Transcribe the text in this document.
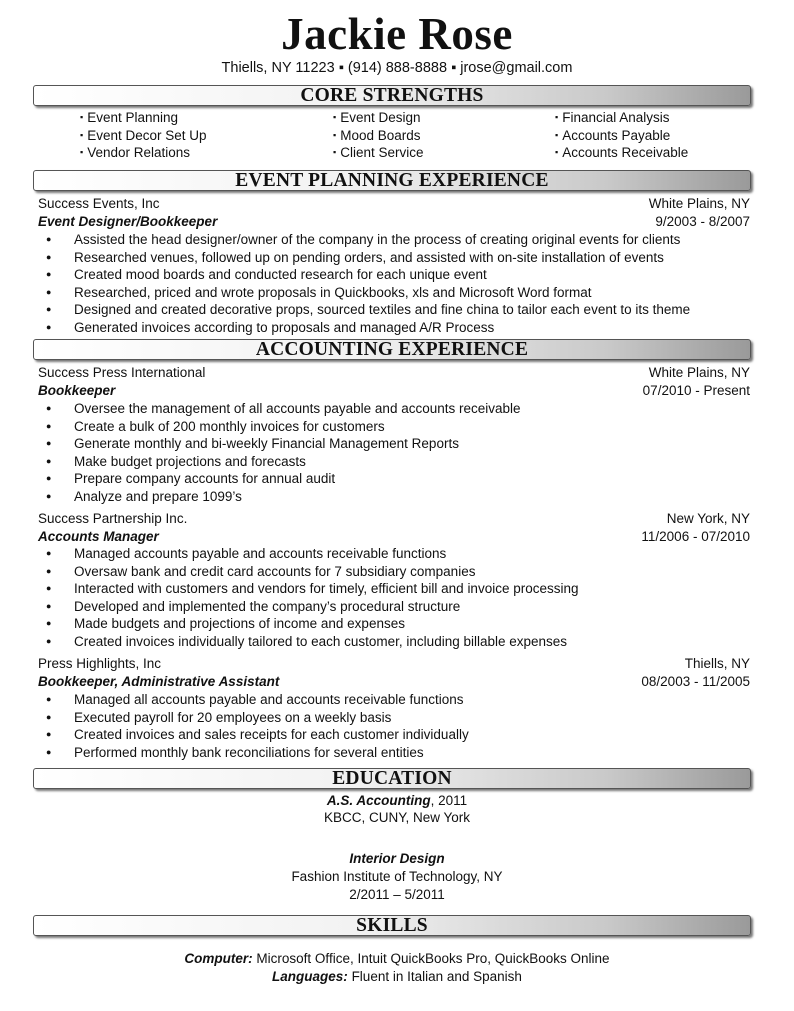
Jackie Rose
Thiells, NY 11223 ▪ (914) 888-8888 ▪ jrose@gmail.com
CORE STRENGTHS
▪ Event Planning
▪ Event Decor Set Up
▪ Vendor Relations
▪ Event Design
▪ Mood Boards
▪ Client Service
▪ Financial Analysis
▪ Accounts Payable
▪ Accounts Receivable
EVENT PLANNING EXPERIENCE
Success Events, Inc	White Plains, NY
Event Designer/Bookkeeper	9/2003 - 8/2007
● Assisted the head designer/owner of the company in the process of creating original events for clients
● Researched venues, followed up on pending orders, and assisted with on-site installation of events
● Created mood boards and conducted research for each unique event
● Researched, priced and wrote proposals in Quickbooks, xls and Microsoft Word format
● Designed and created decorative props, sourced textiles and fine china to tailor each event to its theme
● Generated invoices according to proposals and managed A/R Process
ACCOUNTING EXPERIENCE
Success Press International	White Plains, NY
Bookkeeper	07/2010 - Present
● Oversee the management of all accounts payable and accounts receivable
● Create a bulk of 200 monthly invoices for customers
● Generate monthly and bi-weekly Financial Management Reports
● Make budget projections and forecasts
● Prepare company accounts for annual audit
● Analyze and prepare 1099’s
Success Partnership Inc.	New York, NY
Accounts Manager	11/2006 - 07/2010
● Managed accounts payable and accounts receivable functions
● Oversaw bank and credit card accounts for 7 subsidiary companies
● Interacted with customers and vendors for timely, efficient bill and invoice processing
● Developed and implemented the company’s procedural structure
● Made budgets and projections of income and expenses
● Created invoices individually tailored to each customer, including billable expenses
Press Highlights, Inc	Thiells, NY
Bookkeeper, Administrative Assistant	08/2003 - 11/2005
● Managed all accounts payable and accounts receivable functions
● Executed payroll for 20 employees on a weekly basis
● Created invoices and sales receipts for each customer individually
● Performed monthly bank reconciliations for several entities
EDUCATION
A.S. Accounting, 2011
KBCC, CUNY, New York
Interior Design
Fashion Institute of Technology, NY
2/2011 – 5/2011
SKILLS
Computer: Microsoft Office, Intuit QuickBooks Pro, QuickBooks Online
Languages: Fluent in Italian and Spanish
